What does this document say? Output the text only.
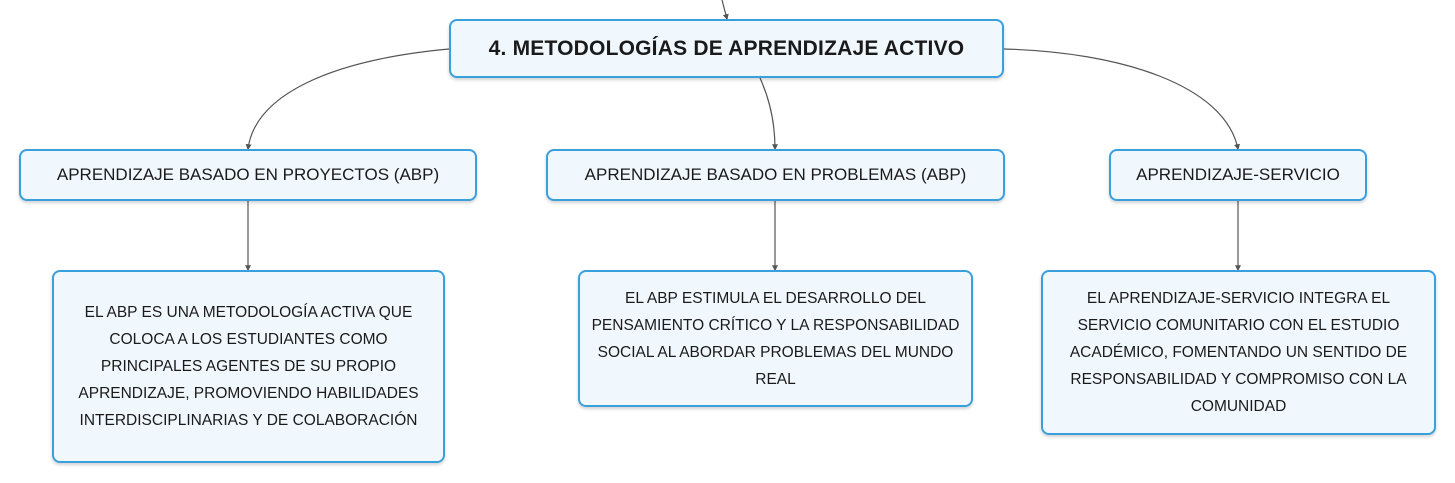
4. METODOLOGÍAS DE APRENDIZAJE ACTIVO
APRENDIZAJE BASADO EN PROYECTOS (ABP)	APRENDIZAJE BASADO EN PROBLEMAS (ABP)	APRENDIZAJE-SERVICIO
EL ABP ES UNA METODOLOGÍA ACTIVA QUE COLOCA A LOS ESTUDIANTES COMO PRINCIPALES AGENTES DE SU PROPIO APRENDIZAJE, PROMOVIENDO HABILIDADES INTERDISCIPLINARIAS Y DE COLABORACIÓN
EL ABP ESTIMULA EL DESARROLLO DEL PENSAMIENTO CRÍTICO Y LA RESPONSABILIDAD SOCIAL AL ABORDAR PROBLEMAS DEL MUNDO REAL
EL APRENDIZAJE-SERVICIO INTEGRA EL SERVICIO COMUNITARIO CON EL ESTUDIO ACADÉMICO, FOMENTANDO UN SENTIDO DE RESPONSABILIDAD Y COMPROMISO CON LA COMUNIDAD
